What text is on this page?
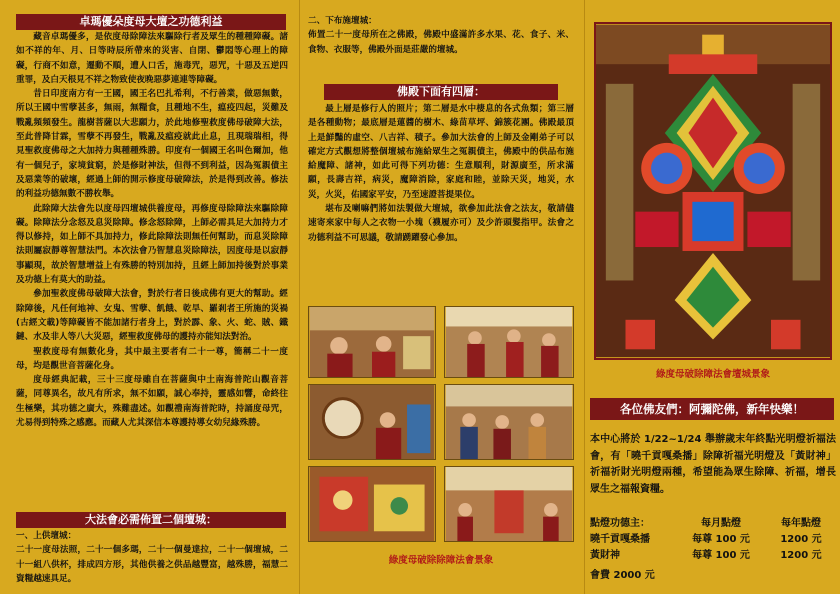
卓瑪優朵度母大壇之功德利益

藏音卓瑪優多，是依度母除障法來驅除行者及眾生的種種障礙。諸如不祥的年、月、日等時辰所帶來的災害、自閉、鬱悶等心理上的障礙，行商不如意，遷動不順，遭人口舌，施毒咒，惡咒，十惡及五逆四重罪，及白天根見不祥之物致使夜晚惡夢連連等障礙。

昔日印度南方有一王國，國王名巴扎希利，不行善業，做惡無數，所以王國中雪孽甚多，無雨，無糧食，且種地不生，瘟疫四起，災難及戰亂頻頻發生。龍樹菩薩以大悲願力，於此地修聖救度佛母破障大法，至此普降甘霖，雪孽不再發生，戰亂及瘟疫就此止息，且現瑞瑞相，得見聖救度佛母之大加持力與種種殊勝。印度有一個國王名叫色爾加，他有一個兒子，家境貧窮，於是修財神法，但得不到利益，因為冤親債主及惡業等的破壞，經過上師的開示修度母破障法，於是得到改善。修法的利益功德無數不勝枚舉。

此除障大法會先以度母四壇城供養度母，再修度母除障法來驅除障礙。除障法分念怒及息災除障。修念怒除障，上師必需具足大加持力才得以修持，如上師不具加持力，修此除障法則無任何幫助，而息災除障法則屬寂靜尊智慧法門。本次法會乃智慧息災除障法，因度母是以寂靜事顯現，故於智慧增益上有殊勝的特別加持，且經上師加持後對於事業及功德上有莫大的助益。

參加聖救度佛母破障大法會，對於行者日後成佛有更大的幫助。經除障後，凡任何地神、女鬼、雪孽、飢餓、乾旱、羅剎者王所施的災禍(古經文載)等障礙皆不能加諸行者身上，對於霹、象、火、蛇、賊、鐵鏈、水及非人等八大災惡，經聖救度佛母的護持亦能知法對治。

聖救度母有無數化身，其中最主要者有二十一尊，簡稱二十一度母，均是觀世音菩薩化身。

度母經典記載，三十三度母雖自在菩薩與中土南海普陀山觀音菩薩，同尊異名，故凡有所求，無不如願，誠心奉持，靈感如響，命終往生極樂，其功德之廣大，殊難盡述。如觀禮南海普陀時，持誦度母咒，尤易得到特殊之感應。而藏人尤其深信本尊護持導女幼兒緣殊勝。

大法會必需佈置二個壇城：

一、上供壇城：

二十一度母法照，二十一個多瑪，二十一個曼達拉，二十一個壇城，二十一組八供杯，排成四方形，其他供養之供品越豐富，越殊勝，福慧二資糧越速具足。

二、下布施壇城：

佈置二十一度母所在之佛殿，佛殿中盛滿許多水果、花、食子、米、食物、衣服等，佛殿外面是莊嚴的壇城。

佛殿下面有四層：

最上層是修行人的照片；第二層是水中棲息的各式魚類；第三層是各種動物；最底層是蓮醬的樹木、綠苗草坪、錦簇花團。佛殿最頂上是鮮豔的虛空、八吉祥、積子。參加大法會的上師及金剛弟子可以確定方式觀想將整個壇城布施給眾生之冤親債主，佛殿中的供品布施給魔障、諸神，如此可得下列功德：生意順利，財源廣至，所求滿願，長壽吉祥，病災，魔障消除，家庭和睦，並除天災，地災，水災，火災，佑國家平安，乃至速證菩提果位。

堪布及喇嘛們將如法製做大壇城，欲參加此法會之法友，敬請儘速寄來家中每人之衣物一小塊（襪履亦可）及少許頭髮指甲。法會之功德利益不可思議，敬請踴躍發心參加。

綠度母破除除障法會景象
綠度母破除障法會壇城景象
各位佛友們：阿彌陀佛，新年快樂！

本中心將於 1/22~1/24 舉辦歲末年終點光明燈祈福法會，有「曉千貢嘎桑播」除障祈福光明燈及「黃財神」祈福祈財光明燈兩種，希望能為眾生除障、祈福，增長眾生之福報資糧。

點燈功德主：	每月點燈	每年點燈
曉千貢嘎桑播	每尊 100 元	1200 元
黃財神	每尊 100 元	1200 元
會費 2000 元
